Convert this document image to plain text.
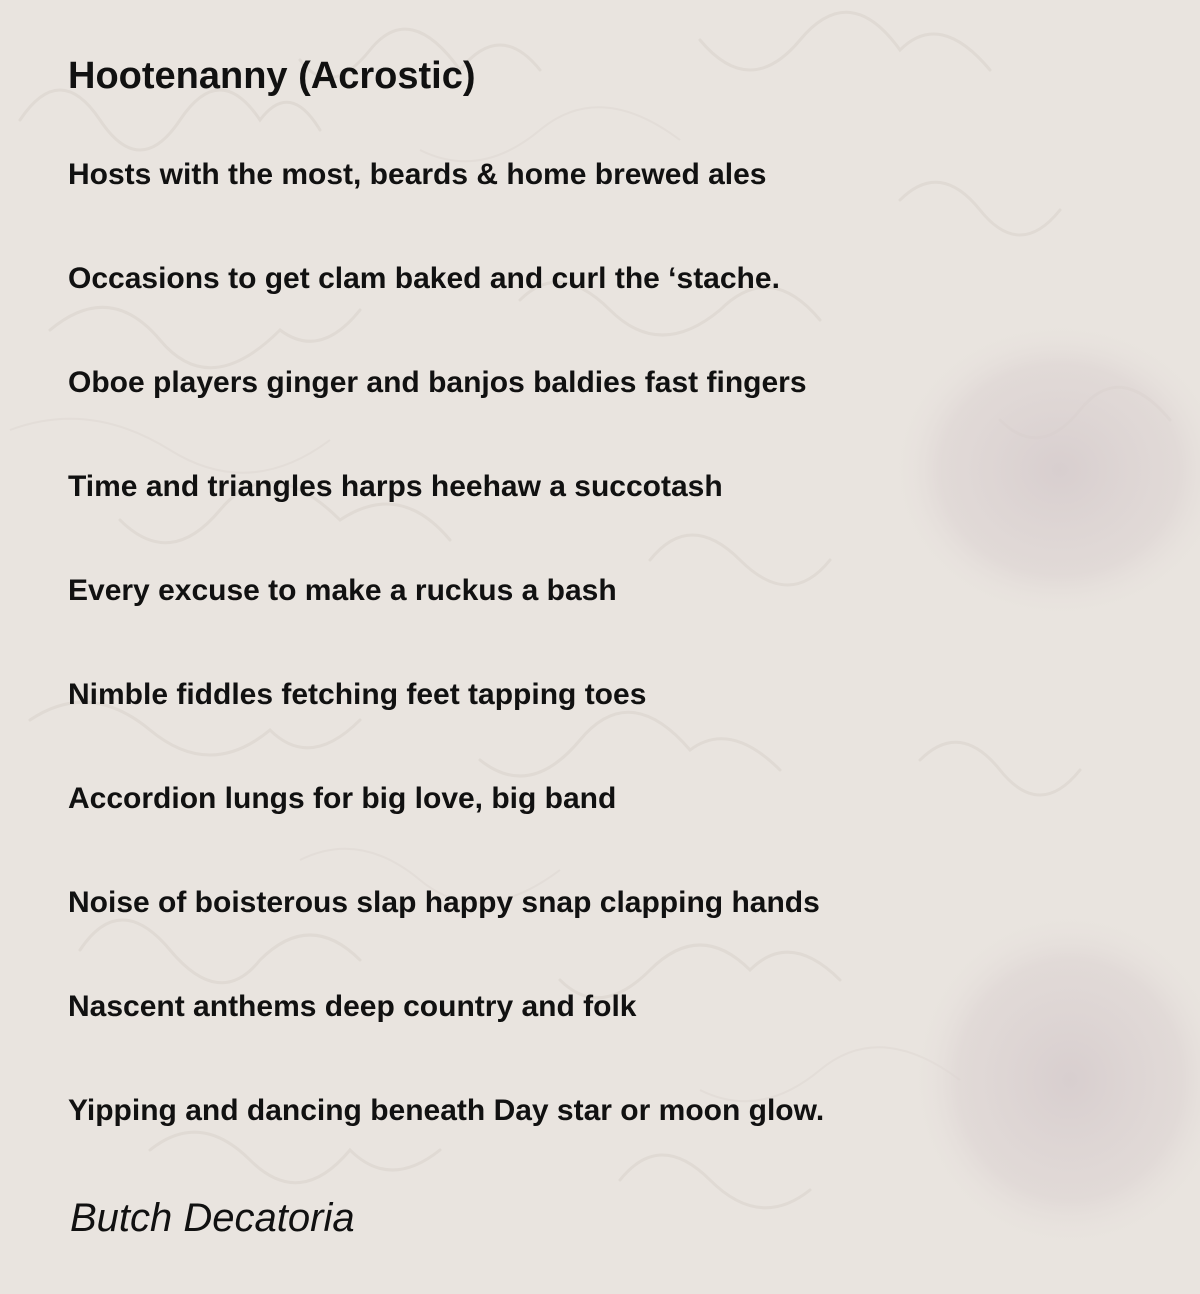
Hootenanny (Acrostic)

Hosts with the most, beards & home brewed ales

Occasions to get clam baked and curl the ‘stache.

Oboe players ginger and banjos baldies fast fingers

Time and triangles harps heehaw a succotash

Every excuse to make a ruckus a bash

Nimble fiddles fetching feet tapping toes

Accordion lungs for big love, big band

Noise of boisterous slap happy snap clapping hands

Nascent anthems deep country and folk

Yipping and dancing beneath Day star or moon glow.

Butch Decatoria
